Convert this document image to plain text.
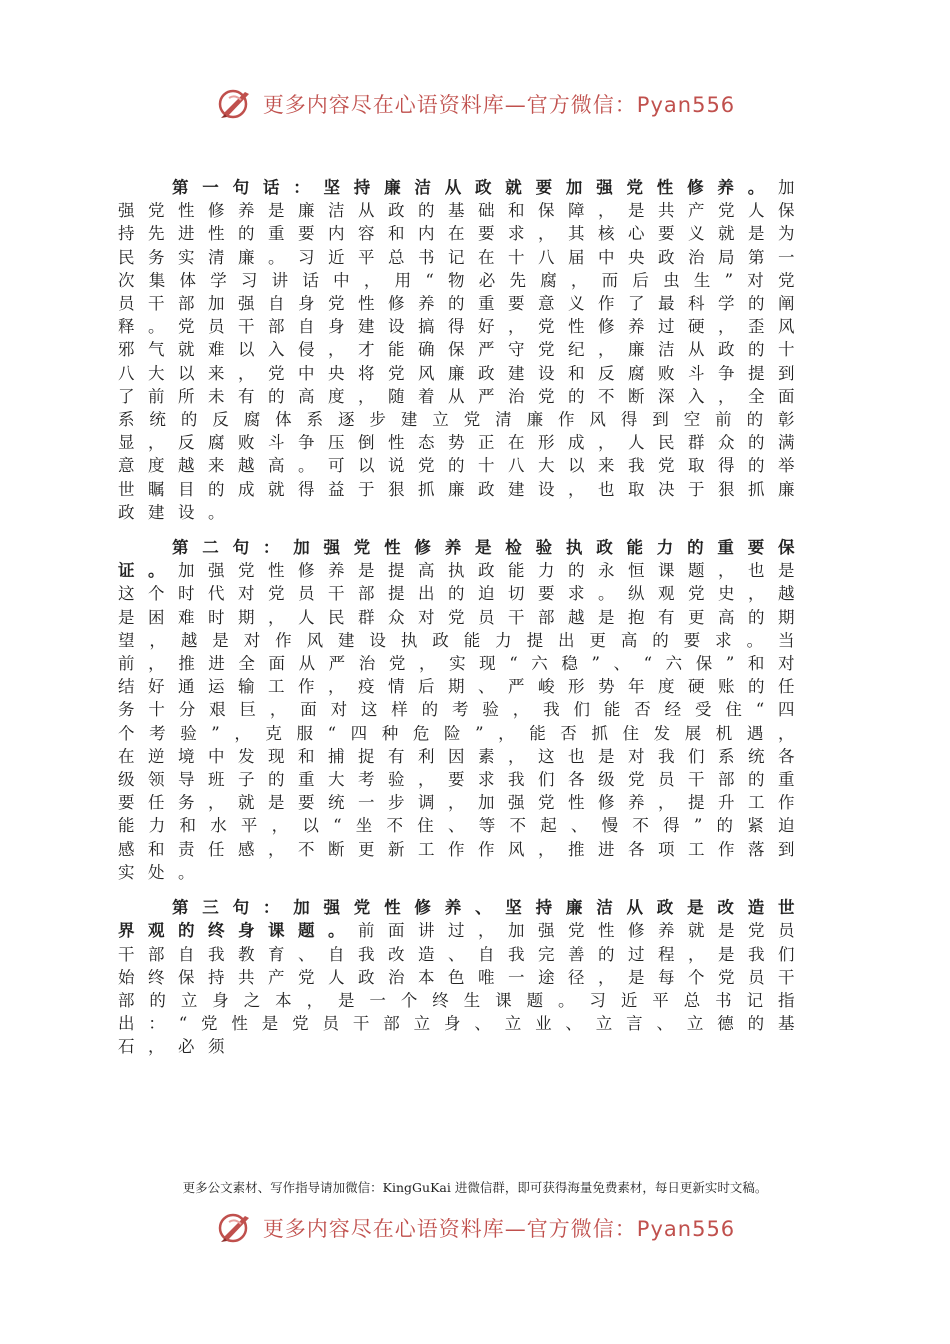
更多内容尽在心语资料库—官方微信：Pyan556

第一句话：坚持廉洁从政就要加强党性修养。加强党性修养是廉洁从政的基础和保障，是共产党人保持先进性的重要内容和内在要求，其核心要义就是为民务实清廉。习近平总书记在十八届中央政治局第一次集体学习讲话中，用“物必先腐，而后虫生”对党员干部加强自身党性修养的重要意义作了最科学的阐释。党员干部自身建设搞得好，党性修养过硬，歪风邪气就难以入侵，才能确保严守党纪，廉洁从政的十八大以来，党中央将党风廉政建设和反腐败斗争提到了前所未有的高度，随着从严治党的不断深入，全面系统的反腐体系逐步建立党清廉作风得到空前的彰显，反腐败斗争压倒性态势正在形成，人民群众的满意度越来越高。可以说党的十八大以来我党取得的举世瞩目的成就得益于狠抓廉政建设，也取决于狠抓廉政建设。

第二句：加强党性修养是检验执政能力的重要保证。加强党性修养是提高执政能力的永恒课题，也是这个时代对党员干部提出的迫切要求。纵观党史，越是困难时期，人民群众对党员干部越是抱有更高的期望，越是对作风建设执政能力提出更高的要求。当前，推进全面从严治党，实现“六稳”、“六保”和对结好通运输工作，疫情后期、严峻形势年度硬账的任务十分艰巨，面对这样的考验，我们能否经受住“四个考验”，克服“四种危险”，能否抓住发展机遇，在逆境中发现和捕捉有利因素，这也是对我们系统各级领导班子的重大考验，要求我们各级党员干部的重要任务，就是要统一步调，加强党性修养，提升工作能力和水平，以“坐不住、等不起、慢不得”的紧迫感和责任感，不断更新工作作风，推进各项工作落到实处。

第三句：加强党性修养、坚持廉洁从政是改造世界观的终身课题。前面讲过，加强党性修养就是党员干部自我教育、自我改造、自我完善的过程，是我们始终保持共产党人政治本色唯一途径，是每个党员干部的立身之本，是一个终生课题。习近平总书记指出：“党性是党员干部立身、立业、立言、立德的基石，必须

更多公文素材、写作指导请加微信：KingGuKai 进微信群，即可获得海量免费素材，每日更新实时文稿。
更多内容尽在心语资料库—官方微信：Pyan556
